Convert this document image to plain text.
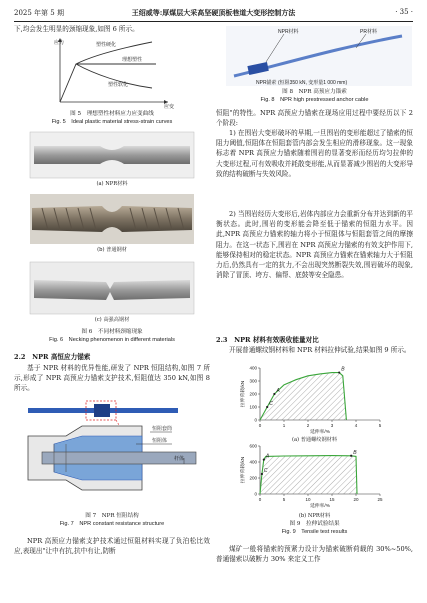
2025 年第 5 期	王绍威等:厚煤层大采高坚硬顶板巷道大变形控制方法	· 35 ·
下,均会发生明显的颈缩现象,如图 6 所示。
应力
应变
塑性硬化
理想塑性
塑性软化
图 5　理想塑性材料应力应变曲线
Fig. 5　Ideal plastic material stress-strain curves
(a) NPR材料
(b) 普通钢材
(c) 高强高钢材
图 6　不同材料颈缩现象
Fig. 6　Necking phenomenon in different materials
2.2　NPR 高恒应力锚索
基于 NPR 材料的优异性能,研发了 NPR 恒阻结构,如图 7 所示,形成了 NPR 高预应力锚索支护技术,恒阻值达 350 kN,如图 8 所示。
恒阻套筒
恒阻体
杆体
图 7　NPR 恒阻结构
Fig. 7　NPR constant resistance structure
NPR 高预应力锚索支护技术通过恒阻材料实现了负泊松比效应,表现出"让中有抗,抗中有让,防断
NPR材料	PR材料
NPR锚索 (恒阻350 kN, 变形量1 000 mm)
图 8　NPR 高预应力锚索
Fig. 8　NPR high prestressed anchor cable
恒阻"的特性。NPR 高预应力锚索在现场应用过程中要经历以下 2 个阶段:
1) 在围岩大变形破坏的早期,一旦围岩的变形能超过了锚索的恒阻力阈值,恒阻体在恒阻套管内部会发生相应的滑移现象。这一现象标志着 NPR 高预应力锚索随着围岩的显著变形而经历均匀拉伸的大变形过程,可有效吸收并耗散变形能,从而显著减少围岩的大变形导致的结构破断与失效风险。
2) 当围岩经历大变形后,岩体内部应力会重新分布并达到新的平衡状态。此时,围岩的变形能会降至低于锚索的恒阻力水平。因此,NPR 高预应力锚索的轴力将小于恒阻体与恒阻套管之间的摩擦阻力。在这一状态下,围岩在 NPR 高预应力锚索的有效支护作用下,能够保持相对的稳定状态。NPR 高预应力锚索在锚索轴力大于恒阻力后,仍然具有一定的抗力,不会出现突然断裂失效,围岩破坏的现象,消除了冒顶、垮方、偏帮、底鼓等安全隐患。
2.3　NPR 材料有效吸收能量对比
开展普通螺纹钢材料和 NPR 材料拉伸试验,结果如图 9 所示。
0	1	2	3	4	5
0
100
200
300
400
C
A
B
延伸率/%
拉伸荷载/kN
0	5	10	15	20	25
0
200
400
600
C
A
B
延伸率/%
拉伸荷载/kN
(a) 普通螺纹钢材料
(b) NPR材料
图 9　拉伸试验结果
Fig. 9　Tensile test results
煤矿一般将锚索的预紧力设计为锚索破断荷载的 30%~50%,普通锚索以破断力 30% 来定义工作
